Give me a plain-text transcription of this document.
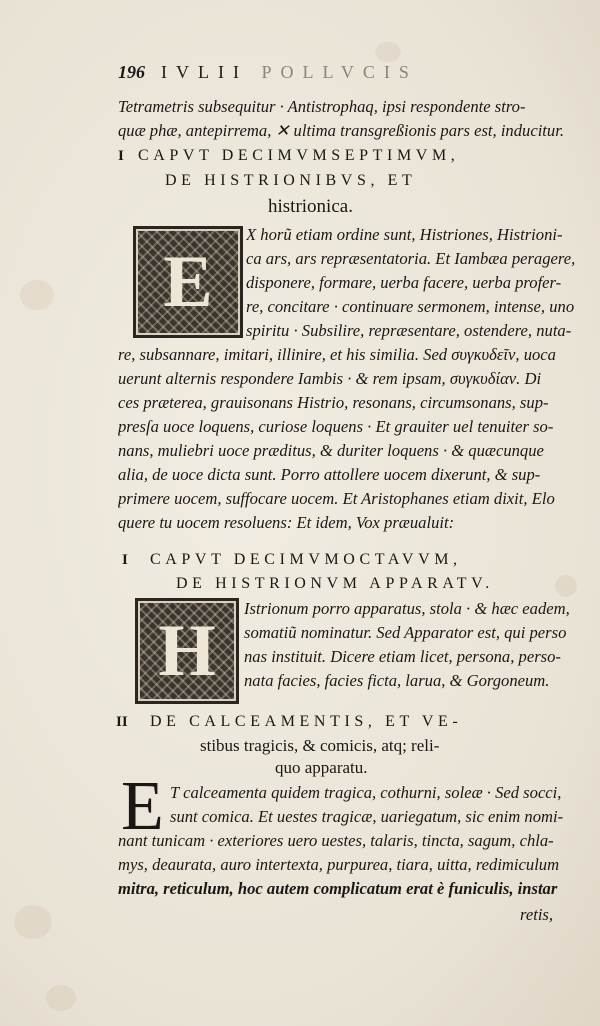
196 IVLII POLLVCIS
Tetrametris subsequitur · Antistrophaq, ipsi respondente stro-
quæ phæ, antepirrema, ✕ ultima transgreßionis pars est, inducitur.
I CAPVT DECIMVMSEPTIMVM,
DE HISTRIONIBVS, ET
histrionica.
E
X horũ etiam ordine sunt, Histriones, Histrioni-
ca ars, ars repræsentatoria. Et Iambæa peragere,
disponere, formare, uerba facere, uerba profer-
re, concitare · continuare sermonem, intense, uno
spiritu · Subsilire, repræsentare, ostendere, nuta-
re, subsannare, imitari, illinire, et his similia. Sed συγκυδεῖν, uoca
uerunt alternis respondere Iambis · & rem ipsam, συγκυδίαν. Di
ces præterea, grauisonans Histrio, resonans, circumsonans, sup-
presſa uoce loquens, curiose loquens · Et grauiter uel tenuiter so-
nans, muliebri uoce præditus, & duriter loquens · & quæcunque
alia, de uoce dicta sunt. Porro attollere uocem dixerunt, & sup-
primere uocem, suffocare uocem. Et Aristophanes etiam dixit, Elo
quere tu uocem resoluens: Et idem, Vox præualuit:
I CAPVT DECIMVMOCTAVVM,
DE HISTRIONVM APPARATV.
H
Istrionum porro apparatus, stola · & hæc eadem,
somatiũ nominatur. Sed Apparator est, qui perso
nas instituit. Dicere etiam licet, persona, perso-
nata facies, facies ficta, larua, & Gorgoneum.
II DE CALCEAMENTIS, ET VE-
stibus tragicis, & comicis, atq; reli-
quo apparatu.
E T calceamenta quidem tragica, cothurni, soleæ · Sed socci,
sunt comica. Et uestes tragicæ, uariegatum, sic enim nomi-
nant tunicam · exteriores uero uestes, talaris, tincta, sagum, chla-
mys, deaurata, auro intertexta, purpurea, tiara, uitta, redimiculum
mitra, reticulum, hoc autem complicatum erat è funiculis, instar
retis,
